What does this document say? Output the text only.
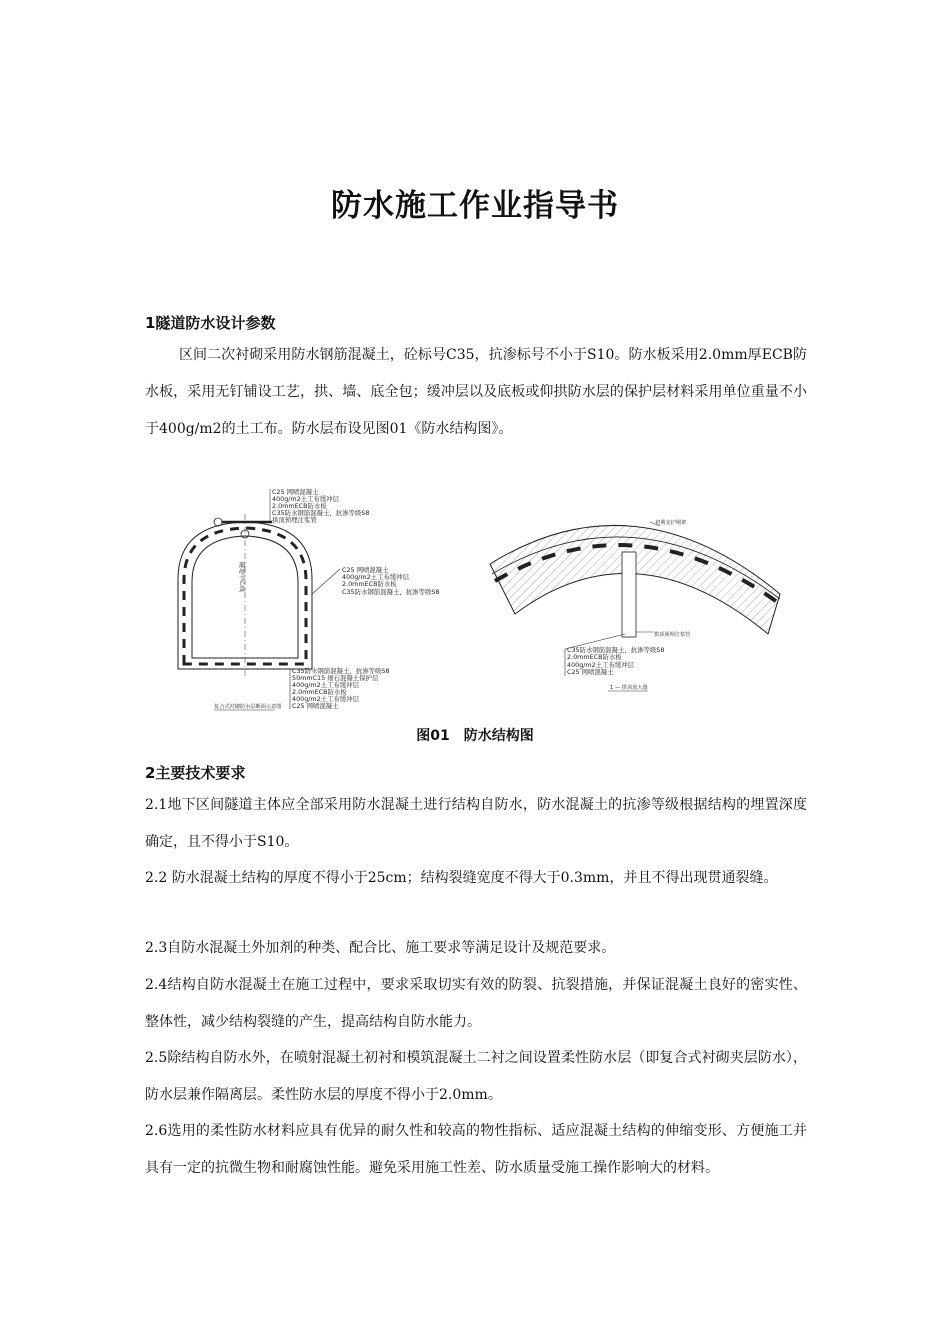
防水施工作业指导书
1隧道防水设计参数

区间二次衬砌采用防水钢筋混凝土，砼标号C35，抗渗标号不小于S10。防水板采用2.0mm厚ECB防水板，采用无钉铺设工艺，拱、墙、底全包；缓冲层以及底板或仰拱防水层的保护层材料采用单位重量不小于400g/m2的土工布。防水层布设见图01《防水结构图》。

隧道中心线
C25 网喷混凝土
400g/m2土工布缓冲层
2.0mmECB防水板
C35防水钢筋混凝土，抗渗等级S8
拱顶预埋注浆管
C25 网喷混凝土
400g/m2土工布缓冲层
2.0mmECB防水板
C35防水钢筋混凝土，抗渗等级S8
C35防水钢筋混凝土，抗渗等级S8
50mmC15 细石混凝土保护层
400g/m2土工布缓冲层
2.0mmECB防水板
400g/m2土工布缓冲层
C25 网喷混凝土
复合式衬砌防水层断面示意图
初期支护钢架
拱顶预埋注浆管
C35防水钢筋混凝土，抗渗等级S8
2.0mmECB防水板
400g/m2土工布缓冲层
C25 网喷混凝土
1 — 拱顶放大图

图01　防水结构图

2主要技术要求

2.1地下区间隧道主体应全部采用防水混凝土进行结构自防水，防水混凝土的抗渗等级根据结构的埋置深度确定，且不得小于S10。

2.2 防水混凝土结构的厚度不得小于25cm；结构裂缝宽度不得大于0.3mm，并且不得出现贯通裂缝。

2.3自防水混凝土外加剂的种类、配合比、施工要求等满足设计及规范要求。

2.4结构自防水混凝土在施工过程中，要求采取切实有效的防裂、抗裂措施，并保证混凝土良好的密实性、整体性，减少结构裂缝的产生，提高结构自防水能力。

2.5除结构自防水外，在喷射混凝土初衬和模筑混凝土二衬之间设置柔性防水层（即复合式衬砌夹层防水），防水层兼作隔离层。柔性防水层的厚度不得小于2.0mm。

2.6选用的柔性防水材料应具有优异的耐久性和较高的物性指标、适应混凝土结构的伸缩变形、方便施工并具有一定的抗微生物和耐腐蚀性能。避免采用施工性差、防水质量受施工操作影响大的材料。
